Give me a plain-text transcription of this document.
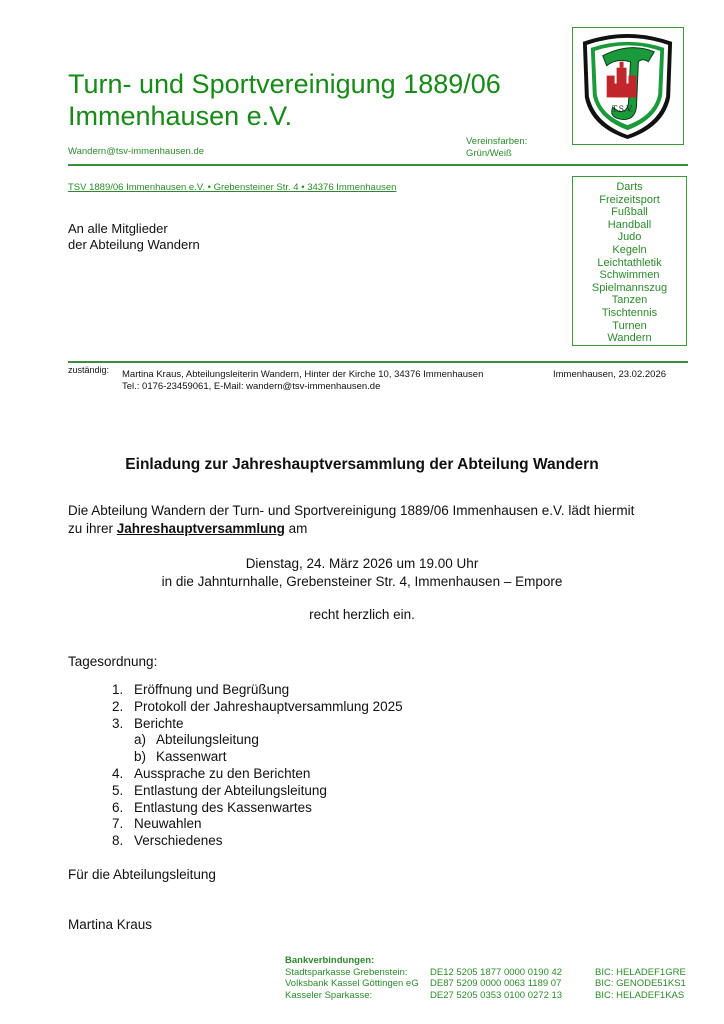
Turn- und Sportvereinigung 1889/06
Immenhausen e.V.
Wandern@tsv-immenhausen.de
Vereinsfarben:
Grün/Weiß
T.S.V.
TSV 1889/06 Immenhausen e.V. • Grebensteiner Str. 4 • 34376 Immenhausen
An alle Mitglieder
der Abteilung Wandern
Darts
Freizeitsport
Fußball
Handball
Judo
Kegeln
Leichtathletik
Schwimmen
Spielmannszug
Tanzen
Tischtennis
Turnen
Wandern
zuständig: Martina Kraus, Abteilungsleiterin Wandern, Hinter der Kirche 10, 34376 Immenhausen
Tel.: 0176-23459061, E-Mail: wandern@tsv-immenhausen.de
Immenhausen, 23.02.2026
Einladung zur Jahreshauptversammlung der Abteilung Wandern
Die Abteilung Wandern der Turn- und Sportvereinigung 1889/06 Immenhausen e.V. lädt hiermit
zu ihrer Jahreshauptversammlung am
Dienstag, 24. März 2026 um 19.00 Uhr
in die Jahnturnhalle, Grebensteiner Str. 4, Immenhausen – Empore
recht herzlich ein.
Tagesordnung:
1. Eröffnung und Begrüßung
2. Protokoll der Jahreshauptversammlung 2025
3. Berichte
a) Abteilungsleitung
b) Kassenwart
4. Aussprache zu den Berichten
5. Entlastung der Abteilungsleitung
6. Entlastung des Kassenwartes
7. Neuwahlen
8. Verschiedenes
Für die Abteilungsleitung
Martina Kraus
Bankverbindungen:
Stadtsparkasse Grebenstein:	DE12 5205 1877 0000 0190 42	BIC: HELADEF1GRE
Volksbank Kassel Göttingen eG	DE87 5209 0000 0063 1189 07	BIC: GENODE51KS1
Kasseler Sparkasse:	DE27 5205 0353 0100 0272 13	BIC: HELADEF1KAS
